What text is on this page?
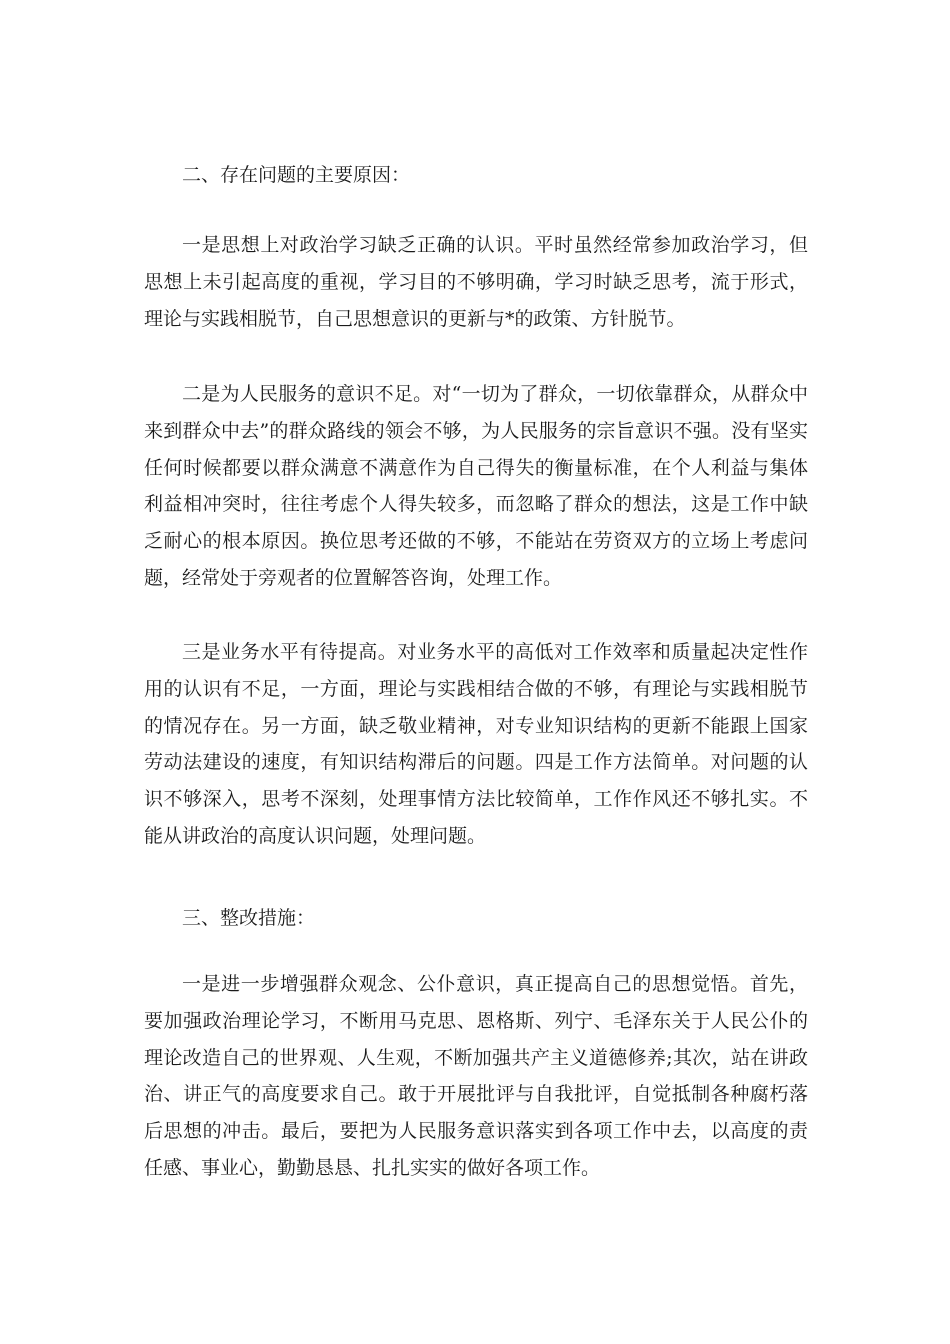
二、存在问题的主要原因：
一是思想上对政治学习缺乏正确的认识。平时虽然经常参加政治学习，但思想上未引起高度的重视，学习目的不够明确，学习时缺乏思考，流于形式，理论与实践相脱节，自己思想意识的更新与*的政策、方针脱节。
二是为人民服务的意识不足。对“一切为了群众，一切依靠群众，从群众中来到群众中去”的群众路线的领会不够，为人民服务的宗旨意识不强。没有坚实任何时候都要以群众满意不满意作为自己得失的衡量标准，在个人利益与集体利益相冲突时，往往考虑个人得失较多，而忽略了群众的想法，这是工作中缺乏耐心的根本原因。换位思考还做的不够，不能站在劳资双方的立场上考虑问题，经常处于旁观者的位置解答咨询，处理工作。
三是业务水平有待提高。对业务水平的高低对工作效率和质量起决定性作用的认识有不足，一方面，理论与实践相结合做的不够，有理论与实践相脱节的情况存在。另一方面，缺乏敬业精神，对专业知识结构的更新不能跟上国家劳动法建设的速度，有知识结构滞后的问题。四是工作方法简单。对问题的认识不够深入，思考不深刻，处理事情方法比较简单，工作作风还不够扎实。不能从讲政治的高度认识问题，处理问题。
三、整改措施：
一是进一步增强群众观念、公仆意识，真正提高自己的思想觉悟。首先，要加强政治理论学习，不断用马克思、恩格斯、列宁、毛泽东关于人民公仆的理论改造自己的世界观、人生观，不断加强共产主义道德修养;其次，站在讲政治、讲正气的高度要求自己。敢于开展批评与自我批评，自觉抵制各种腐朽落后思想的冲击。最后，要把为人民服务意识落实到各项工作中去，以高度的责任感、事业心，勤勤恳恳、扎扎实实的做好各项工作。
